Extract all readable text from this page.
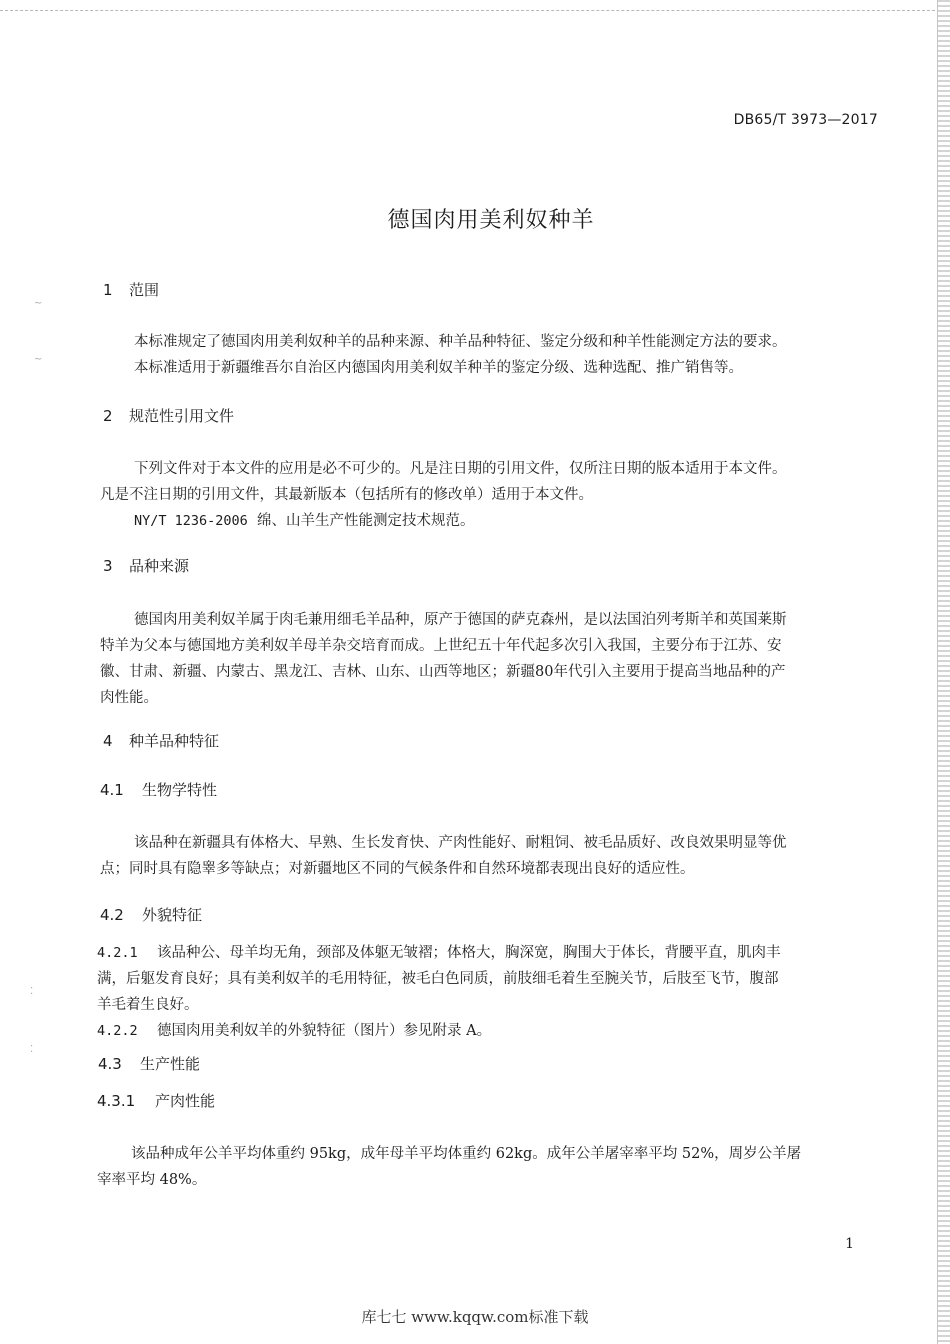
~
~
⁚
⁚
DB65/T 3973—2017
德国肉用美利奴种羊
1 范围

本标准规定了德国肉用美利奴种羊的品种来源、种羊品种特征、鉴定分级和种羊性能测定方法的要求。

本标准适用于新疆维吾尔自治区内德国肉用美利奴羊种羊的鉴定分级、选种选配、推广销售等。

2 规范性引用文件

下列文件对于本文件的应用是必不可少的。凡是注日期的引用文件，仅所注日期的版本适用于本文件。

凡是不注日期的引用文件，其最新版本（包括所有的修改单）适用于本文件。

NY/T 1236-2006 绵、山羊生产性能测定技术规范。

3 品种来源

德国肉用美利奴羊属于肉毛兼用细毛羊品种，原产于德国的萨克森州，是以法国泊列考斯羊和英国莱斯

特羊为父本与德国地方美利奴羊母羊杂交培育而成。上世纪五十年代起多次引入我国，主要分布于江苏、安

徽、甘肃、新疆、内蒙古、黑龙江、吉林、山东、山西等地区；新疆80年代引入主要用于提高当地品种的产

肉性能。

4 种羊品种特征
4.1 生物学特性

该品种在新疆具有体格大、早熟、生长发育快、产肉性能好、耐粗饲、被毛品质好、改良效果明显等优

点；同时具有隐睾多等缺点；对新疆地区不同的气候条件和自然环境都表现出良好的适应性。

4.2 外貌特征

4.2.1 该品种公、母羊均无角，颈部及体躯无皱褶；体格大，胸深宽，胸围大于体长，背腰平直，肌肉丰

满，后躯发育良好；具有美利奴羊的毛用特征，被毛白色同质，前肢细毛着生至腕关节，后肢至飞节，腹部

羊毛着生良好。

4.2.2 德国肉用美利奴羊的外貌特征（图片）参见附录 A。

4.3 生产性能
4.3.1 产肉性能

该品种成年公羊平均体重约 95kg，成年母羊平均体重约 62kg。成年公羊屠宰率平均 52%，周岁公羊屠

宰率平均 48%。

1
库七七 www.kqqw.com标准下载
